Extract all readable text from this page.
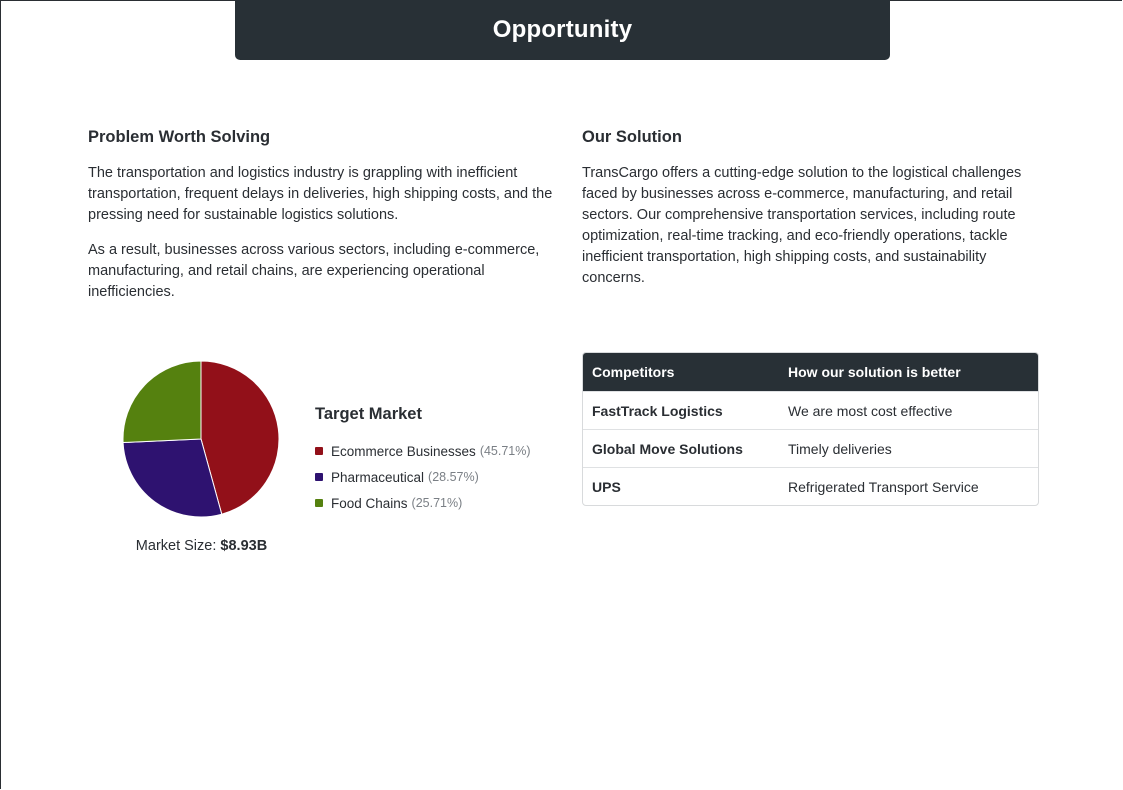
Opportunity
Problem Worth Solving

The transportation and logistics industry is grappling with inefficient transportation, frequent delays in deliveries, high shipping costs, and the pressing need for sustainable logistics solutions.

As a result, businesses across various sectors, including e-commerce, manufacturing, and retail chains, are experiencing operational inefficiencies.

Our Solution

TransCargo offers a cutting-edge solution to the logistical challenges faced by businesses across e-commerce, manufacturing, and retail sectors. Our comprehensive transportation services, including route optimization, real-time tracking, and eco-friendly operations, tackle inefficient transportation, high shipping costs, and sustainability concerns.

Market Size: $8.93B
Target Market
Ecommerce Businesses (45.71%)
Pharmaceutical (28.57%)
Food Chains (25.71%)
Competitors	How our solution is better
FastTrack Logistics	We are most cost effective
Global Move Solutions	Timely deliveries
UPS	Refrigerated Transport Service
